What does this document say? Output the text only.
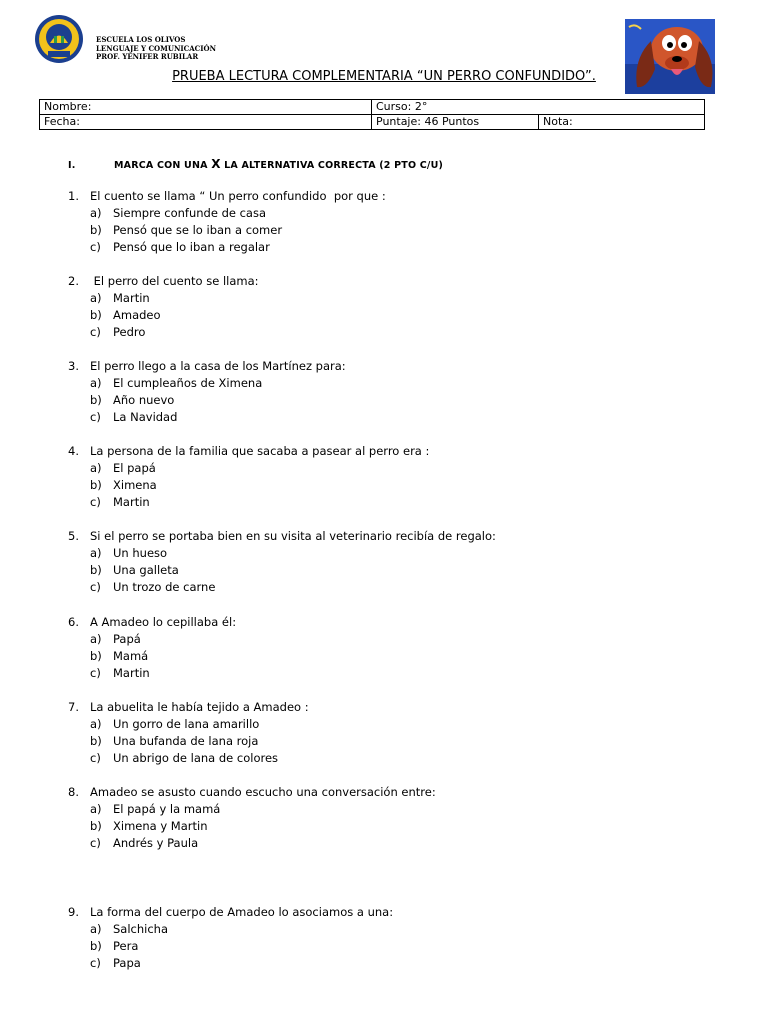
ESCUELA LOS OLIVOS
LENGUAJE Y COMUNICACIÓN
PROF. YENIFER RUBILAR
PRUEBA LECTURA COMPLEMENTARIA “UN PERRO CONFUNDIDO”.
Nombre:	Curso: 2°	
Fecha:	Puntaje: 46 Puntos	Nota:
I.	MARCA CON UNA X LA ALTERNATIVA CORRECTA (2 PTO C/U)
1. El cuento se llama “ Un perro confundido  por que :
a) Siempre confunde de casa
b) Pensó que se lo iban a comer
c) Pensó que lo iban a regalar
2. El perro del cuento se llama:
a) Martin
b) Amadeo
c) Pedro
3. El perro llego a la casa de los Martínez para:
a) El cumpleaños de Ximena
b) Año nuevo
c) La Navidad
4. La persona de la familia que sacaba a pasear al perro era :
a) El papá
b) Ximena
c) Martin
5. Si el perro se portaba bien en su visita al veterinario recibía de regalo:
a) Un hueso
b) Una galleta
c) Un trozo de carne
6. A Amadeo lo cepillaba él:
a) Papá
b) Mamá
c) Martin
7. La abuelita le había tejido a Amadeo :
a) Un gorro de lana amarillo
b) Una bufanda de lana roja
c) Un abrigo de lana de colores
8. Amadeo se asusto cuando escucho una conversación entre:
a) El papá y la mamá
b) Ximena y Martin
c) Andrés y Paula
9. La forma del cuerpo de Amadeo lo asociamos a una:
a) Salchicha
b) Pera
c) Papa
